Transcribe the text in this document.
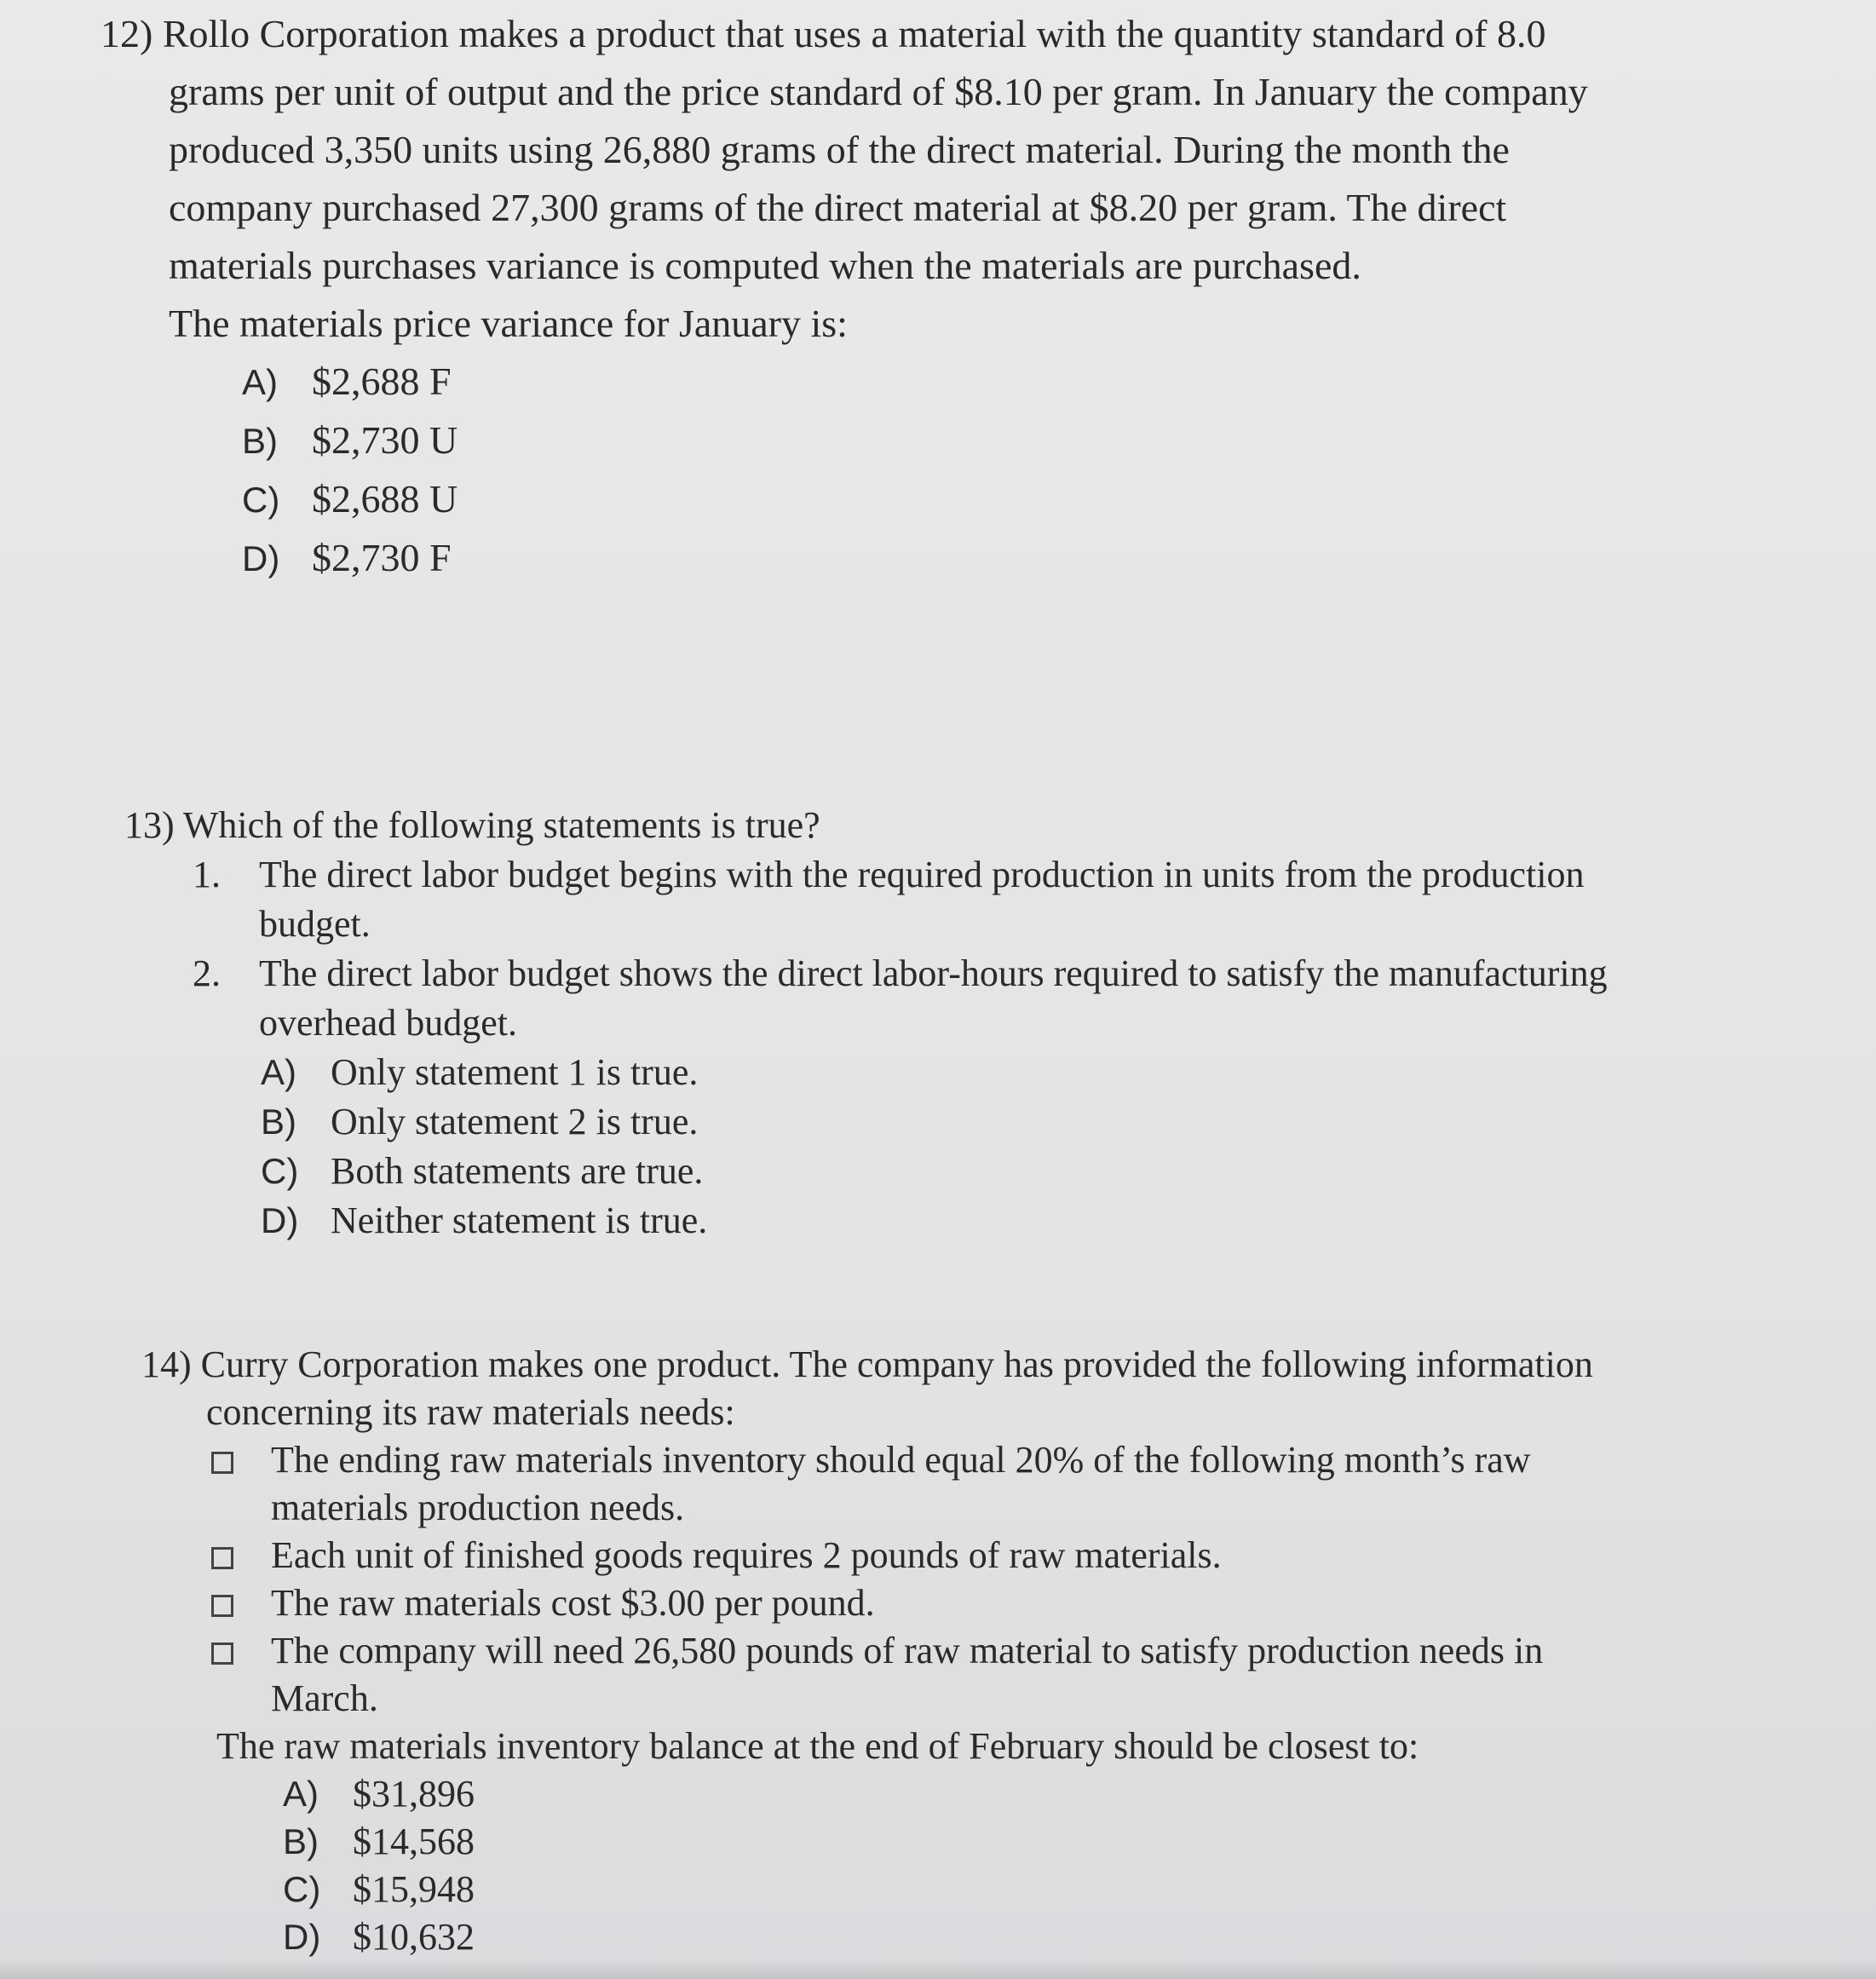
12) Rollo Corporation makes a product that uses a material with the quantity standard of 8.0
grams per unit of output and the price standard of $8.10 per gram. In January the company
produced 3,350 units using 26,880 grams of the direct material. During the month the
company purchased 27,300 grams of the direct material at $8.20 per gram. The direct
materials purchases variance is computed when the materials are purchased.
The materials price variance for January is:
A) $2,688 F
B) $2,730 U
C) $2,688 U
D) $2,730 F
13) Which of the following statements is true?
1.	The direct labor budget begins with the required production in units from the production
budget.
2.	The direct labor budget shows the direct labor-hours required to satisfy the manufacturing
overhead budget.
A) Only statement 1 is true.
B) Only statement 2 is true.
C) Both statements are true.
D) Neither statement is true.
14) Curry Corporation makes one product. The company has provided the following information
concerning its raw materials needs:
The ending raw materials inventory should equal 20% of the following month’s raw
materials production needs.
Each unit of finished goods requires 2 pounds of raw materials.
The raw materials cost $3.00 per pound.
The company will need 26,580 pounds of raw material to satisfy production needs in
March.
The raw materials inventory balance at the end of February should be closest to:
A) $31,896
B) $14,568
C) $15,948
D) $10,632
